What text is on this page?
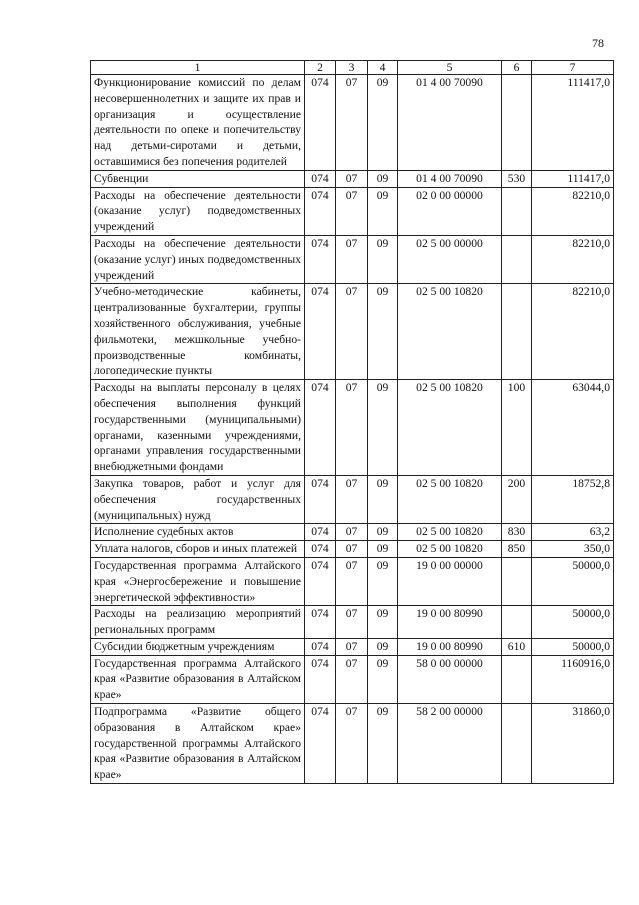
78
1	2	3	4	5	6	7
Функционирование комиссий по делам несовершеннолетних и защите их прав и организация и осуществление деятельности по опеке и попечительству над детьми-сиротами и детьми, оставшимися без попечения родителей	074	07	09	01 4 00 70090		111417,0
Субвенции	074	07	09	01 4 00 70090	530	111417,0
Расходы на обеспечение деятельности (оказание услуг) подведомственных учреждений	074	07	09	02 0 00 00000		82210,0
Расходы на обеспечение деятельности (оказание услуг) иных подведомственных учреждений	074	07	09	02 5 00 00000		82210,0
Учебно-методические кабинеты, централизованные бухгалтерии, группы хозяйственного обслуживания, учебные фильмотеки, межшкольные учебно-производственные комбинаты, логопедические пункты	074	07	09	02 5 00 10820		82210,0
Расходы на выплаты персоналу в целях обеспечения выполнения функций государственными (муниципальными) органами, казенными учреждениями, органами управления государственными внебюджетными фондами	074	07	09	02 5 00 10820	100	63044,0
Закупка товаров, работ и услуг для обеспечения государственных (муниципальных) нужд	074	07	09	02 5 00 10820	200	18752,8
Исполнение судебных актов	074	07	09	02 5 00 10820	830	63,2
Уплата налогов, сборов и иных платежей	074	07	09	02 5 00 10820	850	350,0
Государственная программа Алтайского края «Энергосбережение и повышение энергетической эффективности»	074	07	09	19 0 00 00000		50000,0
Расходы на реализацию мероприятий региональных программ	074	07	09	19 0 00 80990		50000,0
Субсидии бюджетным учреждениям	074	07	09	19 0 00 80990	610	50000,0
Государственная программа Алтайского края «Развитие образования в Алтайском крае»	074	07	09	58 0 00 00000		1160916,0
Подпрограмма «Развитие общего образования в Алтайском крае» государственной программы Алтайского края «Развитие образования в Алтайском крае»	074	07	09	58 2 00 00000		31860,0
